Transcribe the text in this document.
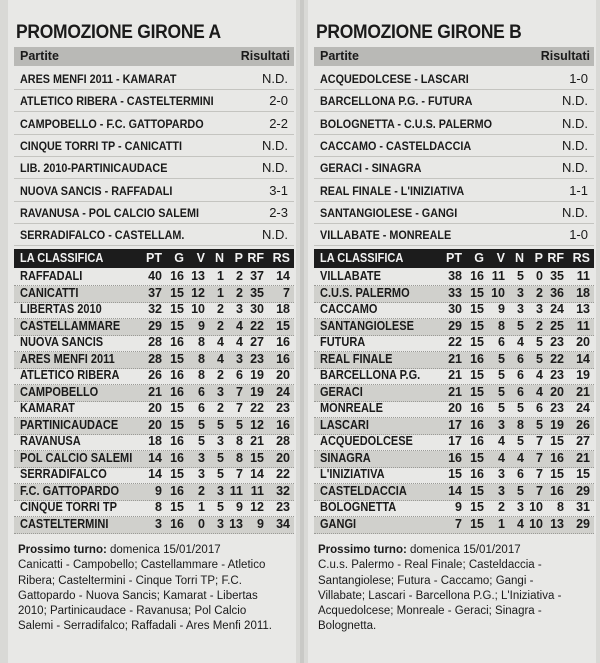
PROMOZIONE GIRONE A
Partite	Risultati
ARES MENFI 2011 - KAMARAT	N.D.
ATLETICO RIBERA - CASTELTERMINI	2-0
CAMPOBELLO - F.C. GATTOPARDO	2-2
CINQUE TORRI TP - CANICATTI	N.D.
LIB. 2010-PARTINICAUDACE	N.D.
NUOVA SANCIS - RAFFADALI	3-1
RAVANUSA - POL CALCIO SALEMI	2-3
SERRADIFALCO - CASTELLAM.	N.D.
LA CLASSIFICA	PT G	V N P RF RS
RAFFADALI	40 16 13 1 2 37 14
CANICATTI	37 15 12 1 2 35	7
LIBERTAS 2010	32 15 10 2 3 30 18
CASTELLAMMARE	29 15	9 2 4 22 15
NUOVA SANCIS	28 16	8 4 4 27 16
ARES MENFI 2011	28 15	8 4 3 23 16
ATLETICO RIBERA	26 16	8 2 6 19 20
CAMPOBELLO	21 16	6 3 7 19 24
KAMARAT	20 15	6 2 7 22 23
PARTINICAUDACE	20 15	5 5 5 12 16
RAVANUSA	18 16	5 3 8 21 28
POL CALCIO SALEMI	14 16	3 5 8 15 20
SERRADIFALCO	14 15	3 5 7 14 22
F.C. GATTOPARDO	9 16	2 3 11 11 32
CINQUE TORRI TP	8 15	1 5 9 12 23
CASTELTERMINI	3 16	0 3 13	9 34
Prossimo turno: domenica 15/01/2017
Canicatti - Campobello; Castellammare - Atletico
Ribera; Casteltermini - Cinque Torri TP; F.C.
Gattopardo - Nuova Sancis; Kamarat - Libertas
2010; Partinicaudace - Ravanusa; Pol Calcio
Salemi - Serradifalco; Raffadali - Ares Menfi 2011.
PROMOZIONE GIRONE B
Partite	Risultati
ACQUEDOLCESE - LASCARI	1-0
BARCELLONA P.G. - FUTURA	N.D.
BOLOGNETTA - C.U.S. PALERMO	N.D.
CACCAMO - CASTELDACCIA	N.D.
GERACI - SINAGRA	N.D.
REAL FINALE - L'INIZIATIVA	1-1
SANTANGIOLESE - GANGI	N.D.
VILLABATE - MONREALE	1-0
LA CLASSIFICA	PT G	V N P RF RS
VILLABATE	38 16 11 5 0 35	11
C.U.S. PALERMO	33 15 10 3 2 36 18
CACCAMO	30 15	9 3 3 24 13
SANTANGIOLESE	29 15	8 5 2 25	11
FUTURA	22 15	6 4 5 23 20
REAL FINALE	21 16	5 6 5 22 14
BARCELLONA P.G.	21 15	5 6 4 23 19
GERACI	21 15	5 6 4 20 21
MONREALE	20 16	5 5 6 23 24
LASCARI	17 16	3 8 5 19 26
ACQUEDOLCESE	17 16	4 5 7 15 27
SINAGRA	16 15	4 4 7 16 21
L'INIZIATIVA	15 16	3 6 7 15 15
CASTELDACCIA	14 15	3 5 7 16 29
BOLOGNETTA	9 15	2 3 10	8 31
GANGI	7 15	1 4 10 13 29
Prossimo turno: domenica 15/01/2017
C.u.s. Palermo - Real Finale; Casteldaccia -
Santangiolese; Futura - Caccamo; Gangi -
Villabate; Lascari - Barcellona P.G.; L'Iniziativa -
Acquedolcese; Monreale - Geraci; Sinagra -
Bolognetta.
